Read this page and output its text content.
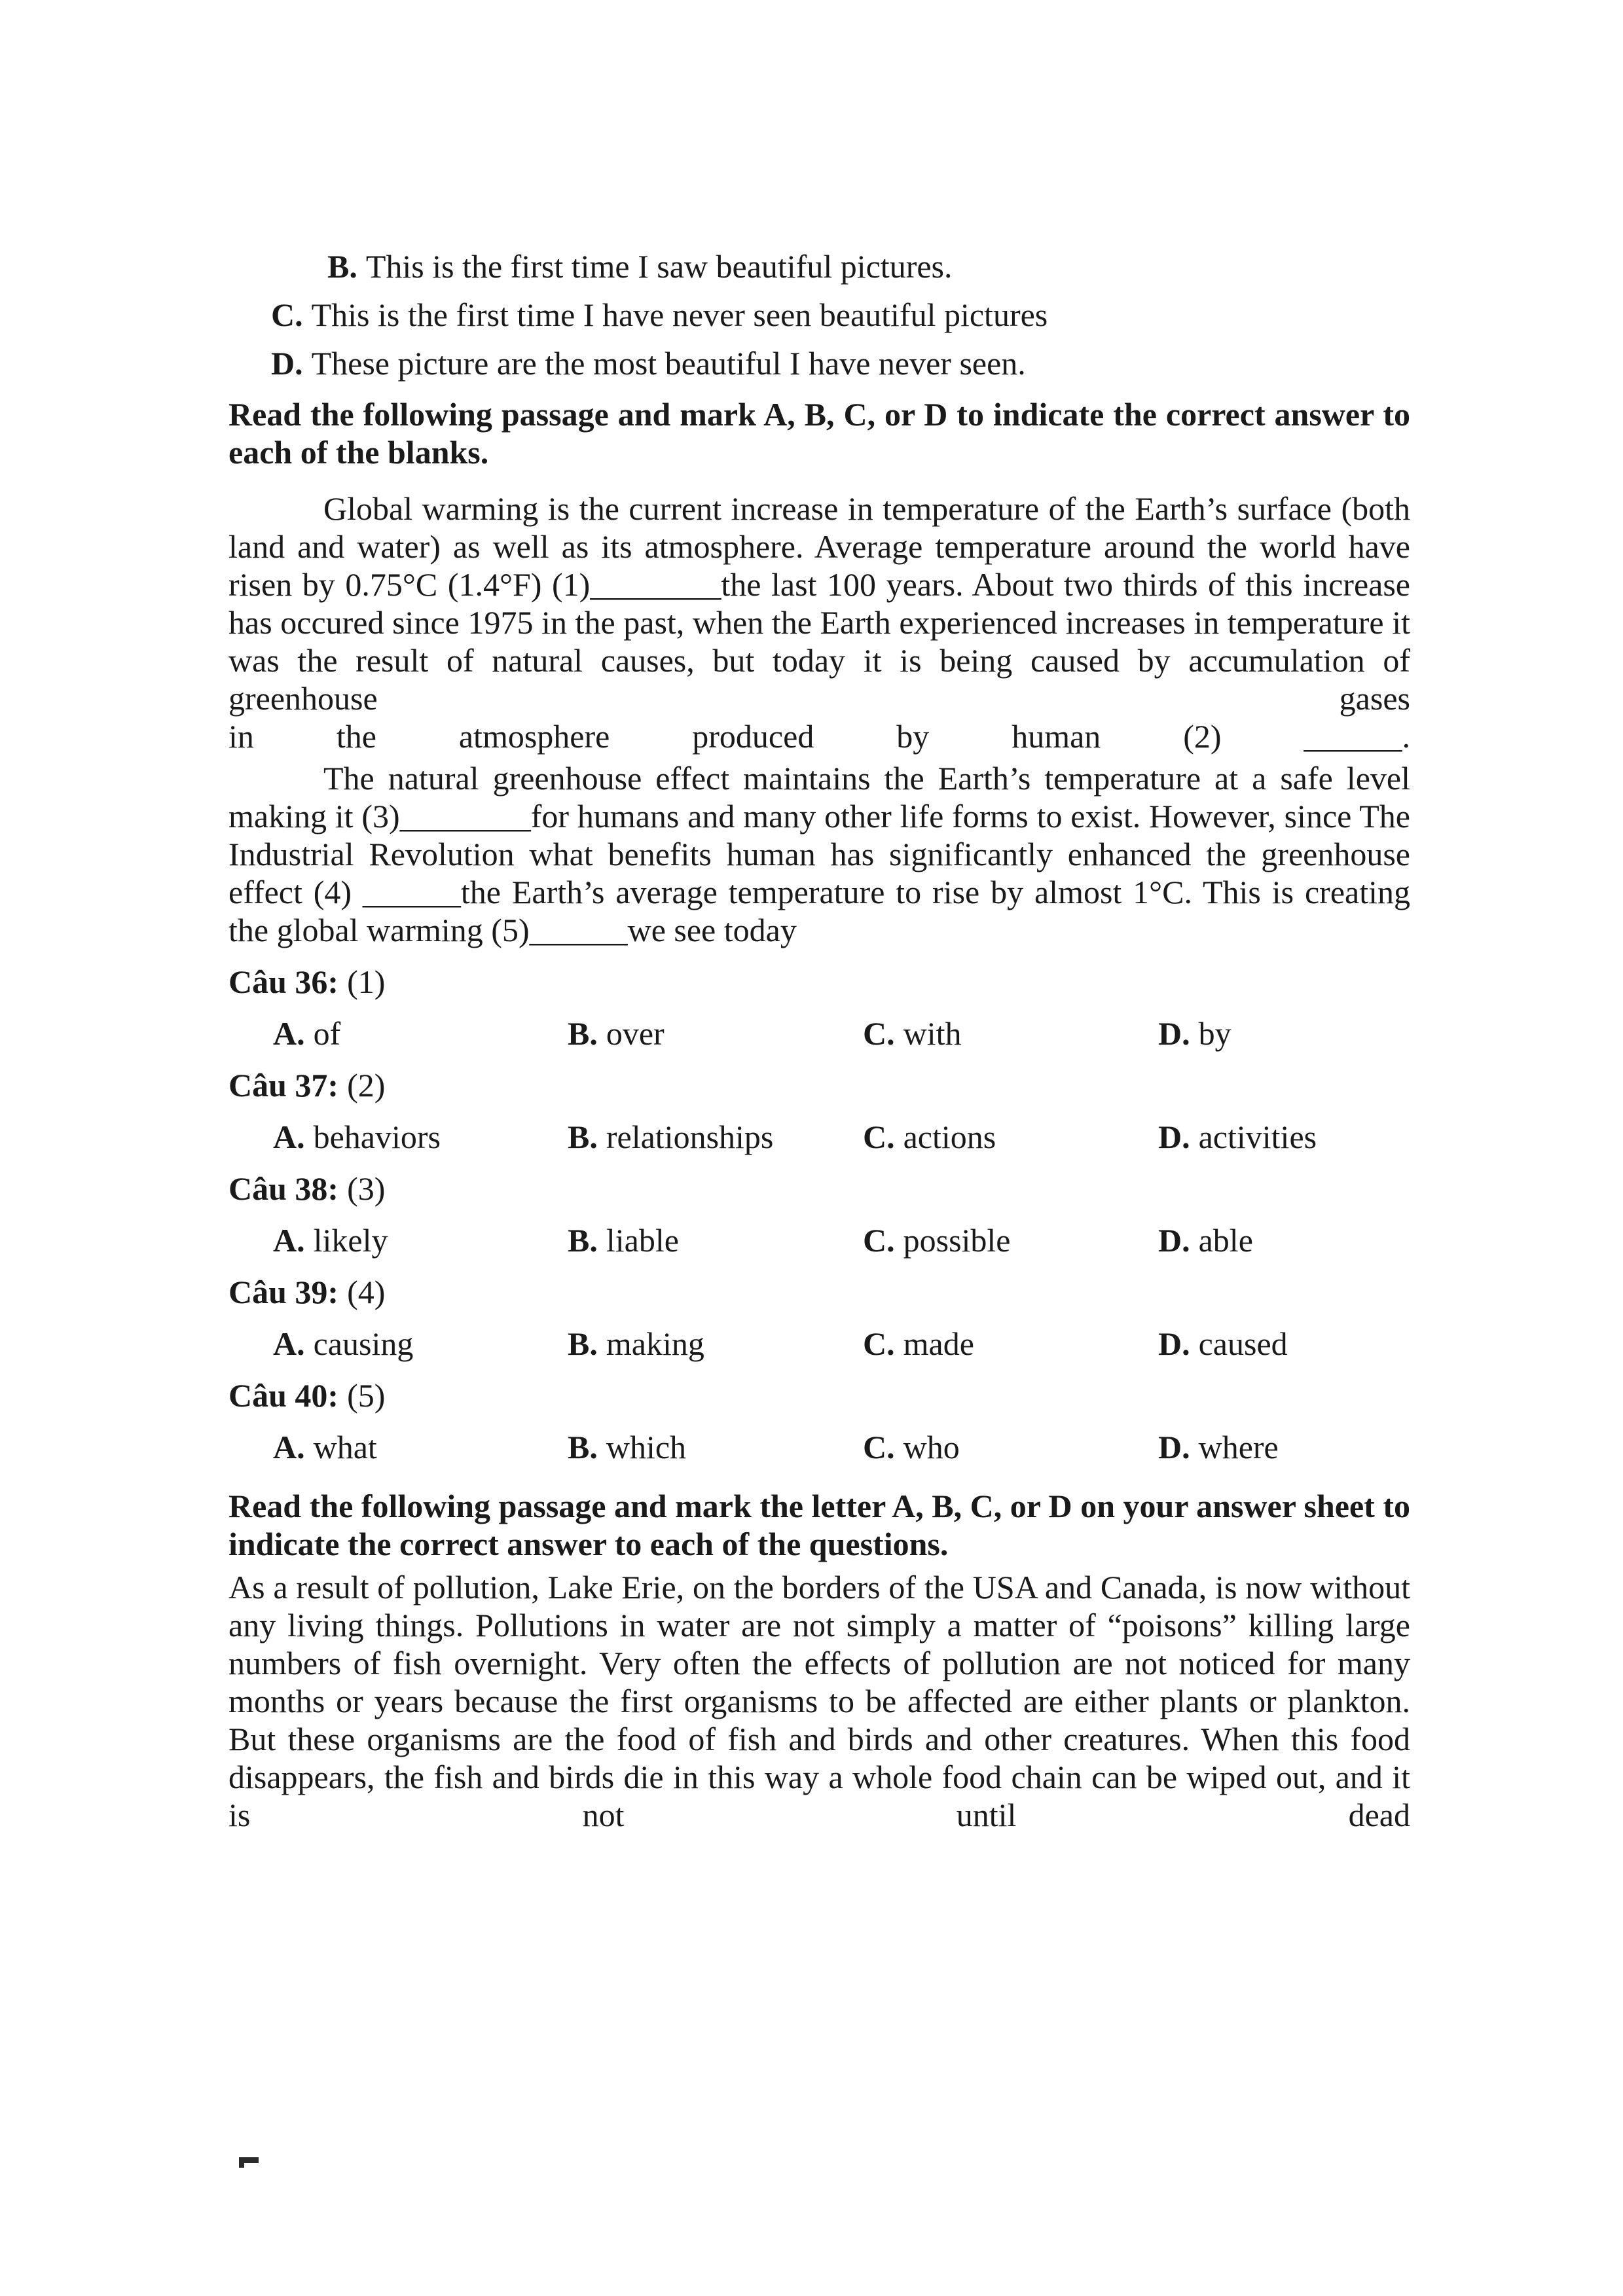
B. This is the first time I saw beautiful pictures.
C. This is the first time I have never seen beautiful pictures
D. These picture are the most beautiful I have never seen.
Read the following passage and mark A, B, C, or D to indicate the correct answer to each of the blanks.
Global warming is the current increase in temperature of the Earth’s surface (both land and water) as well as its atmosphere. Average temperature around the world have risen by 0.75°C (1.4°F) (1)________the last 100 years. About two thirds of this increase has occured since 1975 in the past, when the Earth experienced increases in temperature it was the result of natural causes, but today it is being caused by accumulation of greenhouse gases
in the atmosphere produced by human (2) ______.
The natural greenhouse effect maintains the Earth’s temperature at a safe level making it (3)________for humans and many other life forms to exist. However, since The Industrial Revolution what benefits human has significantly enhanced the greenhouse effect (4) ______the Earth’s average temperature to rise by almost 1°C. This is creating the global warming (5)______we see today
Câu 36: (1)
A. of	B. over	C. with	D. by
Câu 37: (2)
A. behaviors	B. relationships	C. actions	D. activities
Câu 38: (3)
A. likely	B. liable	C. possible	D. able
Câu 39: (4)
A. causing	B. making	C. made	D. caused
Câu 40: (5)
A. what	B. which	C. who	D. where
Read the following passage and mark the letter A, B, C, or D on your answer sheet to indicate the correct answer to each of the questions.
As a result of pollution, Lake Erie, on the borders of the USA and Canada, is now without any living things. Pollutions in water are not simply a matter of “poisons” killing large numbers of fish overnight. Very often the effects of pollution are not noticed for many months or years because the first organisms to be affected are either plants or plankton. But these organisms are the food of fish and birds and other creatures. When this food disappears, the fish and birds die in this way a whole food chain can be wiped out, and it is not until dead
